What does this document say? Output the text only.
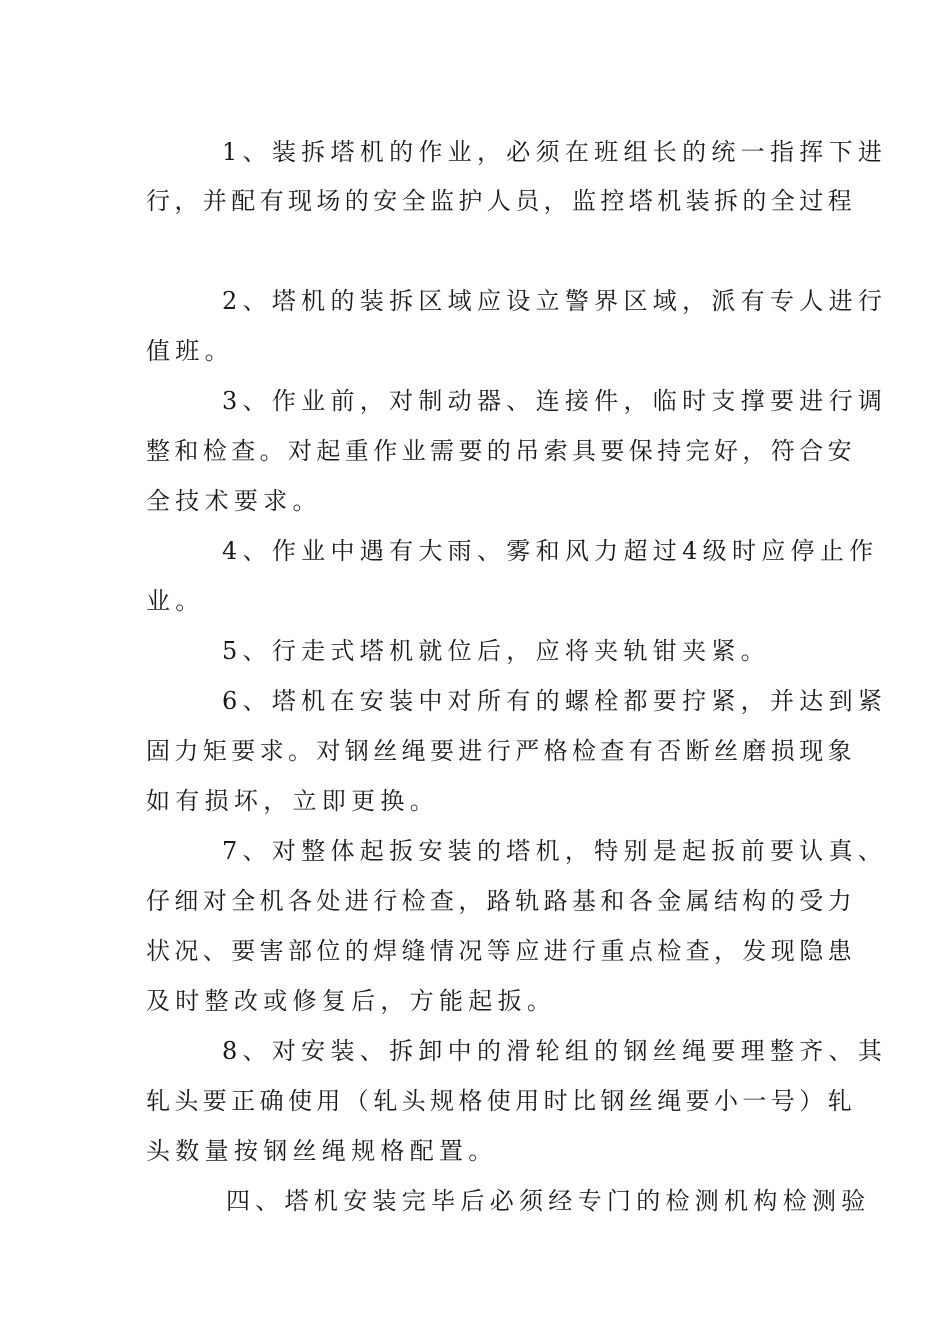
1、装拆塔机的作业，必须在班组长的统一指挥下进
行，并配有现场的安全监护人员，监控塔机装拆的全过程
2、塔机的装拆区域应设立警界区域，派有专人进行
值班。
3、作业前，对制动器、连接件，临时支撑要进行调
整和检查。对起重作业需要的吊索具要保持完好，符合安
全技术要求。
4、作业中遇有大雨、雾和风力超过4级时应停止作
业。
5、行走式塔机就位后，应将夹轨钳夹紧。
6、塔机在安装中对所有的螺栓都要拧紧，并达到紧
固力矩要求。对钢丝绳要进行严格检查有否断丝磨损现象
如有损坏，立即更换。
7、对整体起扳安装的塔机，特别是起扳前要认真、
仔细对全机各处进行检查，路轨路基和各金属结构的受力
状况、要害部位的焊缝情况等应进行重点检查，发现隐患
及时整改或修复后，方能起扳。
8、对安装、拆卸中的滑轮组的钢丝绳要理整齐、其
轧头要正确使用（轧头规格使用时比钢丝绳要小一号）轧
头数量按钢丝绳规格配置。
四、塔机安装完毕后必须经专门的检测机构检测验
